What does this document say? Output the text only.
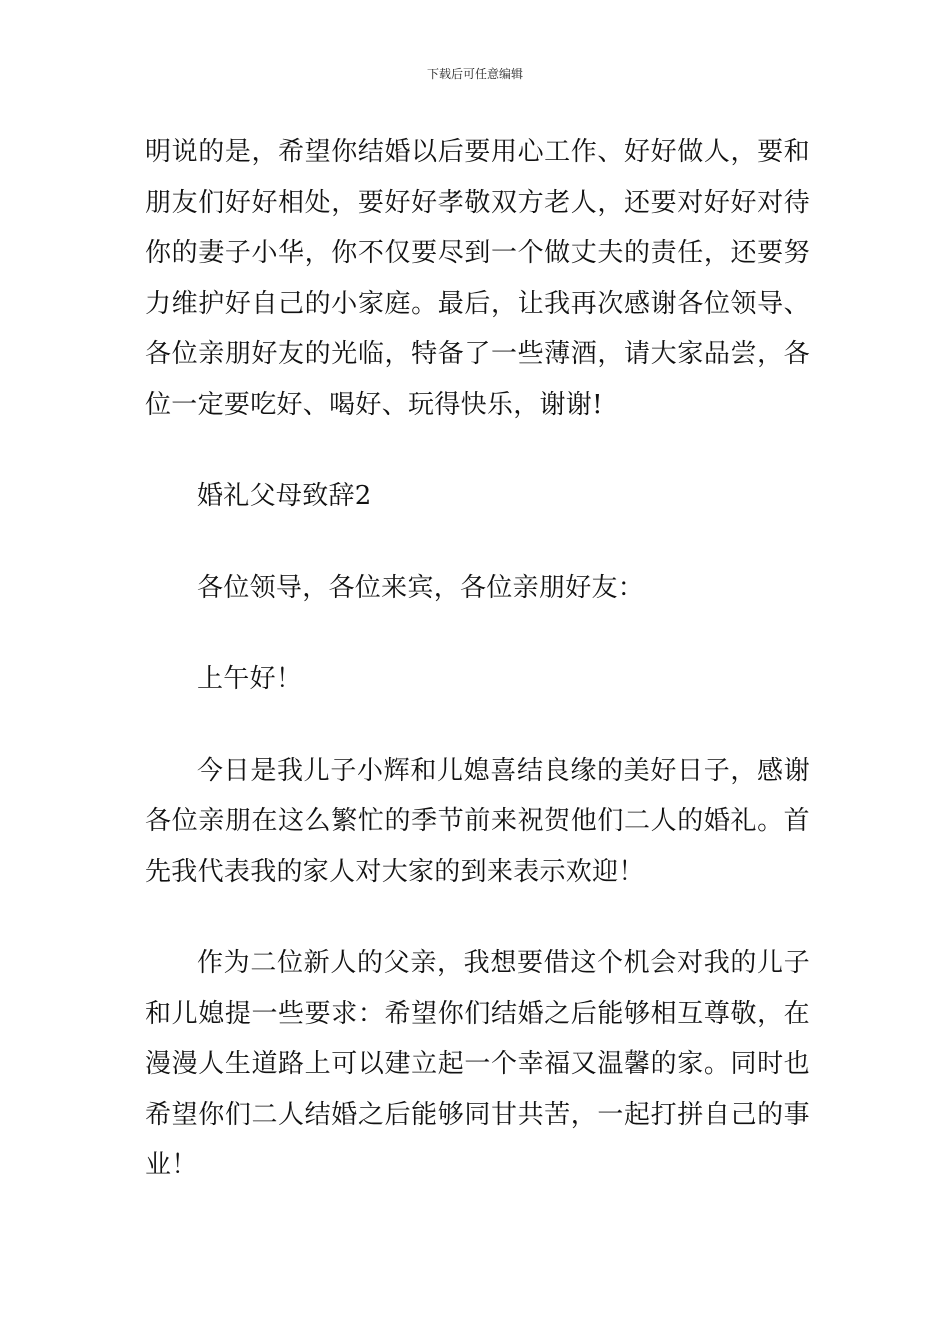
下载后可任意编辑

明说的是，希望你结婚以后要用心工作、好好做人，要和朋友们好好相处，要好好孝敬双方老人，还要对好好对待你的妻子小华，你不仅要尽到一个做丈夫的责任，还要努力维护好自己的小家庭。最后，让我再次感谢各位领导、各位亲朋好友的光临，特备了一些薄酒，请大家品尝，各位一定要吃好、喝好、玩得快乐，谢谢!

婚礼父母致辞2

各位领导，各位来宾，各位亲朋好友：

上午好！

今日是我儿子小辉和儿媳喜结良缘的美好日子，感谢各位亲朋在这么繁忙的季节前来祝贺他们二人的婚礼。首先我代表我的家人对大家的到来表示欢迎！

作为二位新人的父亲，我想要借这个机会对我的儿子和儿媳提一些要求：希望你们结婚之后能够相互尊敬，在漫漫人生道路上可以建立起一个幸福又温馨的家。同时也希望你们二人结婚之后能够同甘共苦，一起打拼自己的事业！
